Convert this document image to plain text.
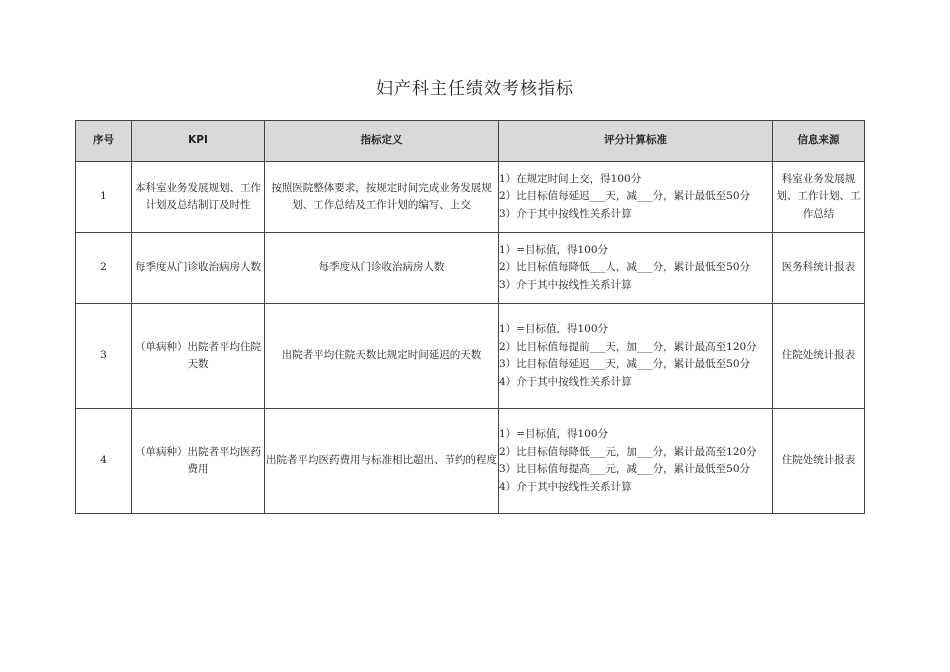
妇产科主任绩效考核指标
序号	KPI	指标定义	评分计算标准	信息来源
1	本科室业务发展规划、工作计划及总结制订及时性	按照医院整体要求，按规定时间完成业务发展规划、工作总结及工作计划的编写、上交	1）在规定时间上交，得100分
2）比目标值每延迟___天，减___分，累计最低至50分
3）介于其中按线性关系计算	科室业务发展规划、工作计划、工作总结
2	每季度从门诊收治病房人数	每季度从门诊收治病房人数	1）=目标值，得100分
2）比目标值每降低___人，减___分，累计最低至50分
3）介于其中按线性关系计算	医务科统计报表
3	（单病种）出院者平均住院天数	出院者平均住院天数比规定时间延迟的天数	1）=目标值，得100分
2）比目标值每提前___天，加___分，累计最高至120分
3）比目标值每延迟___天，减___分，累计最低至50分
4）介于其中按线性关系计算	住院处统计报表
4	（单病种）出院者平均医药费用	出院者平均医药费用与标准相比超出、节约的程度	1）=目标值，得100分
2）比目标值每降低___元，加___分，累计最高至120分
3）比目标值每提高___元，减___分，累计最低至50分
4）介于其中按线性关系计算	住院处统计报表
